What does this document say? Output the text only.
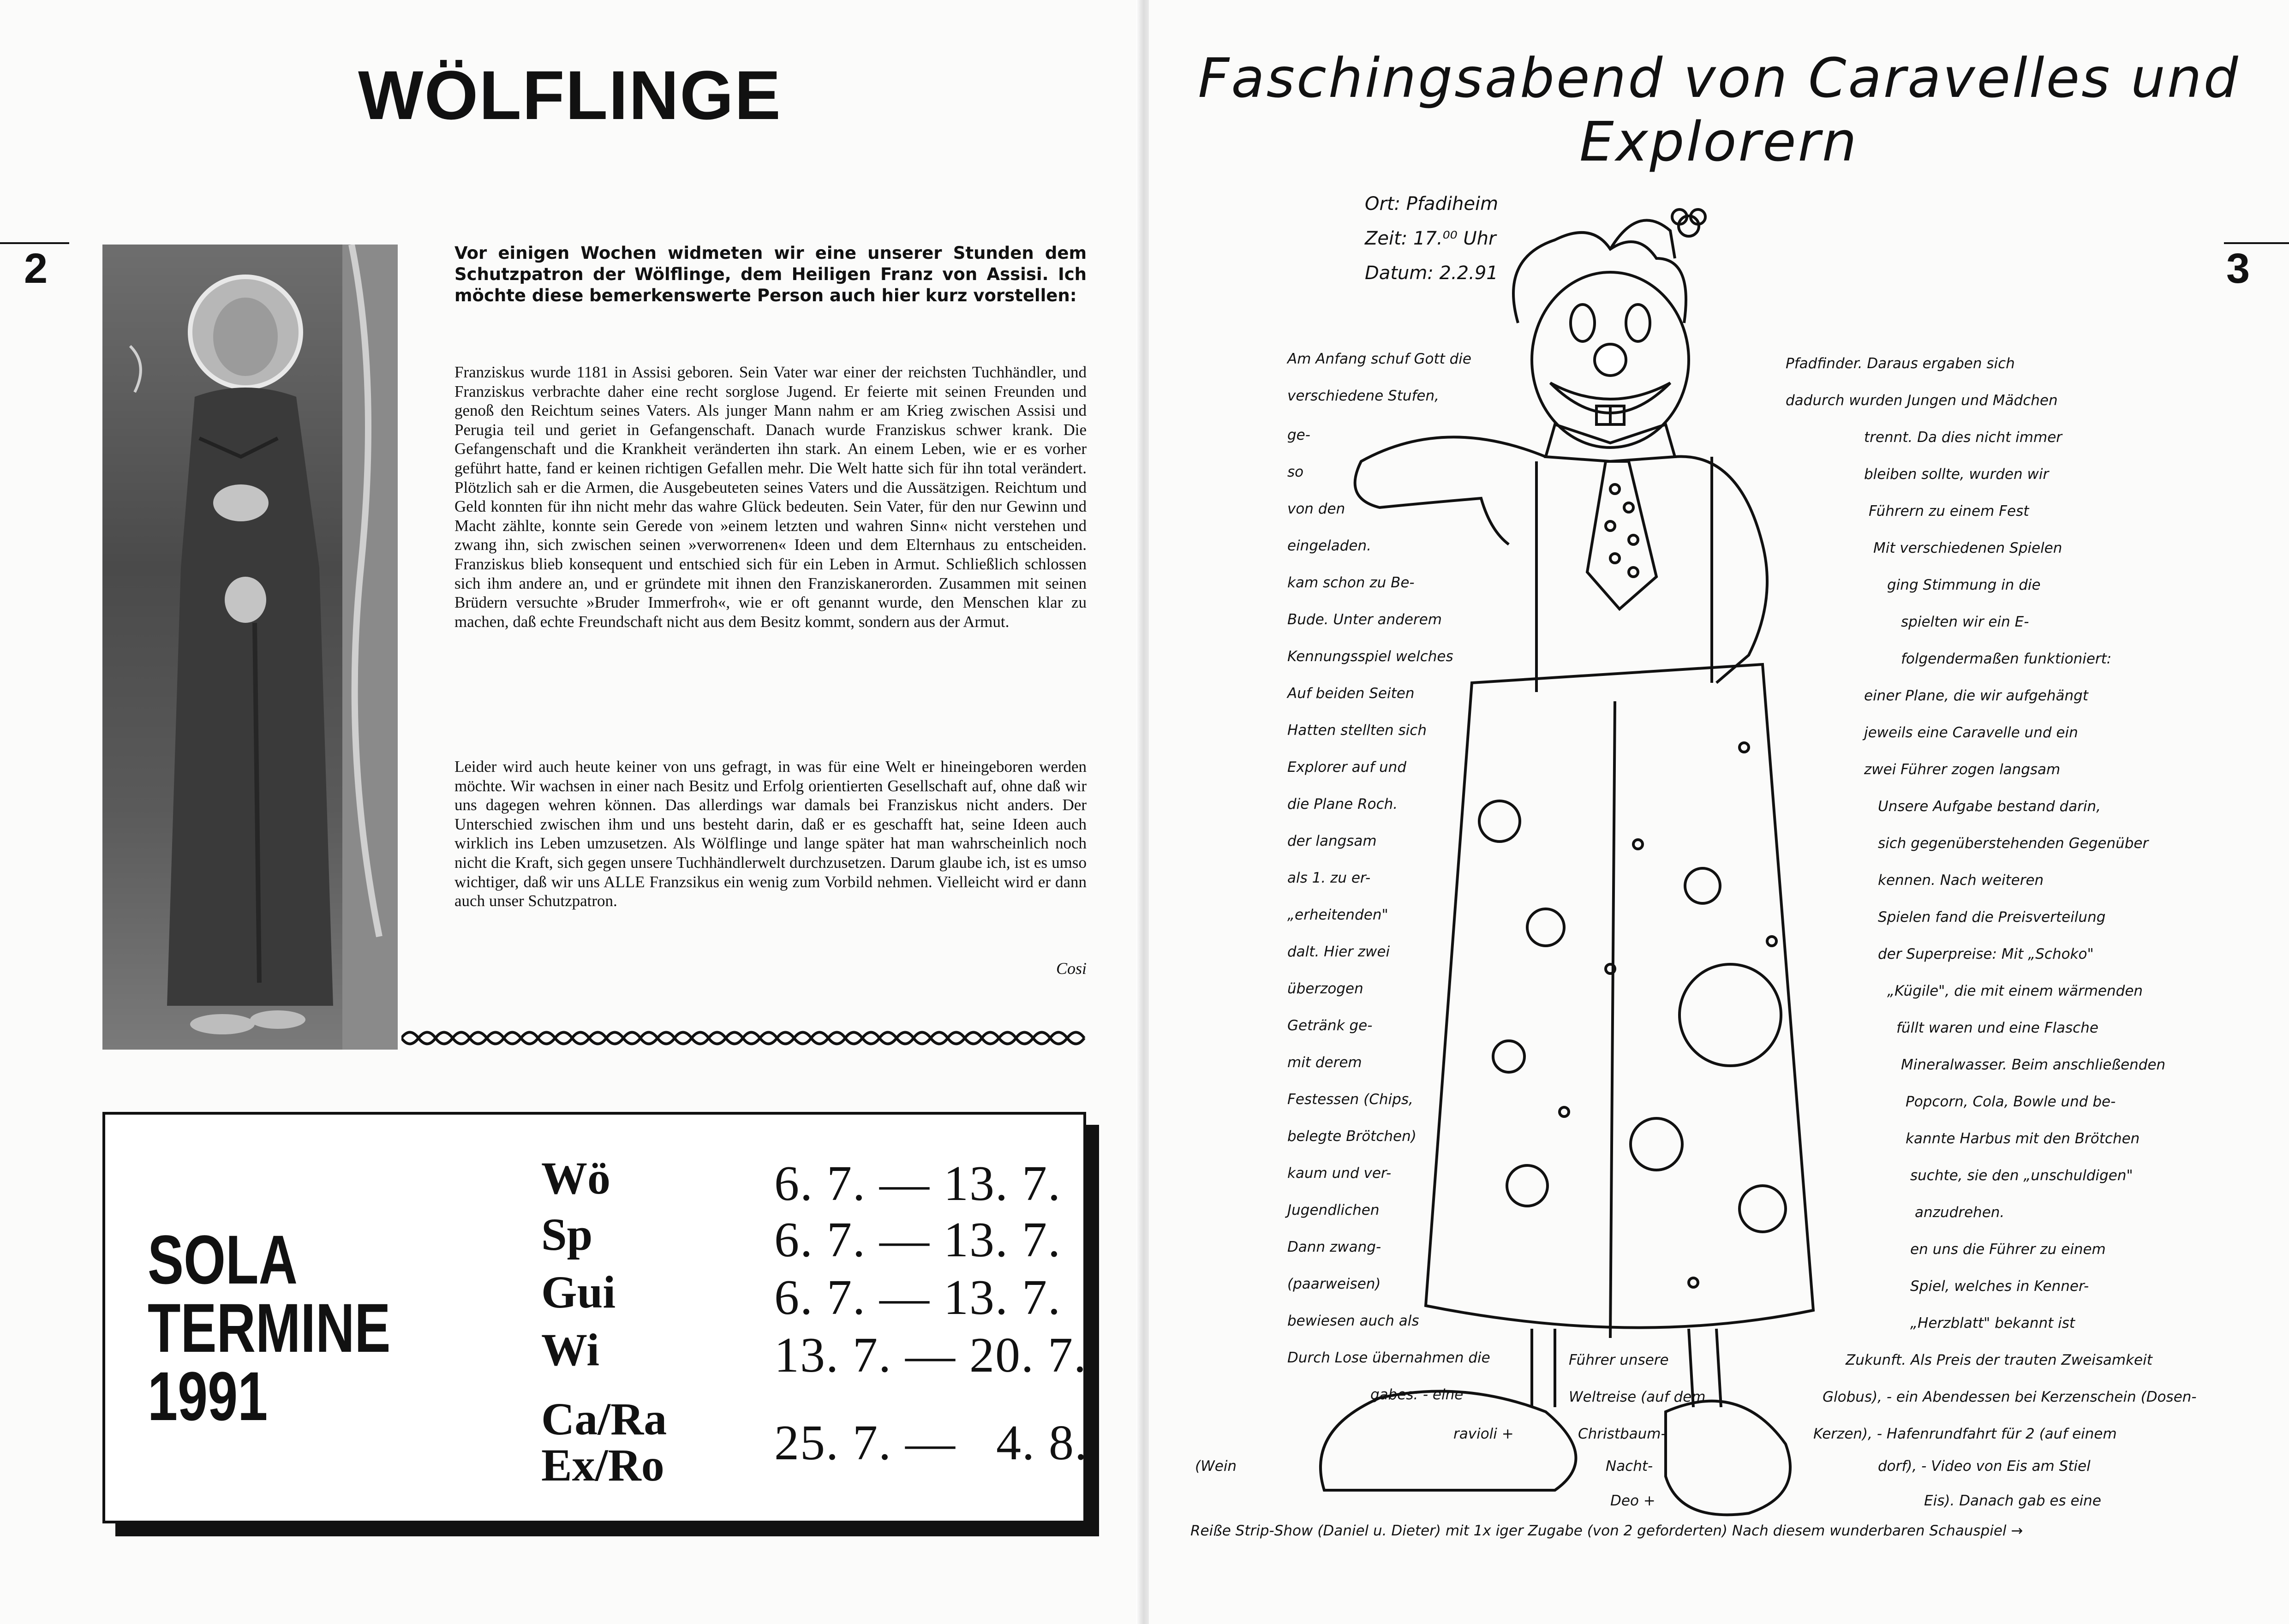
WÖLFLINGE
2	Vor einigen Wochen widmeten wir eine unserer Stunden dem Schutzpatron der Wölflinge, dem Heiligen Franz von Assisi. Ich möchte diese bemerkenswerte Person auch hier kurz vorstellen:
Franziskus wurde 1181 in Assisi geboren. Sein Vater war einer der reichsten Tuchhändler, und Franziskus verbrachte daher eine recht sorglose Jugend. Er feierte mit seinen Freunden und genoß den Reichtum seines Vaters. Als junger Mann nahm er am Krieg zwischen Assisi und Perugia teil und geriet in Gefangenschaft. Danach wurde Franziskus schwer krank. Die Gefangenschaft und die Krankheit veränderten ihn stark. An einem Leben, wie er es vorher geführt hatte, fand er keinen richtigen Gefallen mehr. Die Welt hatte sich für ihn total verändert. Plötzlich sah er die Armen, die Ausgebeuteten seines Vaters und die Aussätzigen. Reichtum und Geld konnten für ihn nicht mehr das wahre Glück bedeuten. Sein Vater, für den nur Gewinn und Macht zählte, konnte sein Gerede von »einem letzten und wahren Sinn« nicht verstehen und zwang ihn, sich zwischen seinen »verworrenen« Ideen und dem Elternhaus zu entscheiden. Franziskus blieb konsequent und entschied sich für ein Leben in Armut. Schließlich schlossen sich ihm andere an, und er gründete mit ihnen den Franziskanerorden. Zusammen mit seinen Brüdern versuchte »Bruder Immerfroh«, wie er oft genannt wurde, den Menschen klar zu machen, daß echte Freundschaft nicht aus dem Besitz kommt, sondern aus der Armut.
Leider wird auch heute keiner von uns gefragt, in was für eine Welt er hineingeboren werden möchte. Wir wachsen in einer nach Besitz und Erfolg orientierten Gesellschaft auf, ohne daß wir uns dagegen wehren können. Das allerdings war damals bei Franziskus nicht anders. Der Unterschied zwischen ihm und uns besteht darin, daß er es geschafft hat, seine Ideen auch wirklich ins Leben umzusetzen. Als Wölflinge und lange später hat man wahrscheinlich noch nicht die Kraft, sich gegen unsere Tuchhändlerwelt durchzusetzen. Darum glaube ich, ist es umso wichtiger, daß wir uns ALLE Franzsikus ein wenig zum Vorbild nehmen. Vielleicht wird er dann auch unser Schutzpatron.
Cosi
SOLA
TERMINE
1991
Wö	6. 7. — 13. 7.
Sp	6. 7. — 13. 7.
Gui	6. 7. — 13. 7.
Wi	13. 7. — 20. 7.
Ca/Ra
Ex/Ro 25. 7. —   4. 8.
Faschingsabend von Caravelles und Explorern
3
Ort: Pfadiheim
Zeit: 17.⁰⁰ Uhr
Datum: 2.2.91
Am Anfang schuf Gott die
verschiedene Stufen,
ge-
so
von den
eingeladen.
kam schon zu Be-
Bude. Unter anderem
Kennungsspiel welches
Auf beiden Seiten
Hatten stellten sich
Explorer auf und
die Plane Roch.
der langsam
als 1. zu er-
„erheitenden"
dalt. Hier zwei
überzogen
Getränk ge-
mit derem
Festessen (Chips,
belegte Brötchen)
kaum und ver-
Jugendlichen
Dann zwang-
(paarweisen)
bewiesen auch als
Durch Lose übernahmen die
gabes: - eine
(Wein
Reiße Strip-Show (Daniel u. Dieter) mit 1x iger Zugabe (von 2 geforderten) Nach diesem wunderbaren Schauspiel →
Pfadfinder. Daraus ergaben sich
dadurch wurden Jungen und Mädchen
trennt. Da dies nicht immer
bleiben sollte, wurden wir
Führern zu einem Fest
Mit verschiedenen Spielen
ging Stimmung in die
spielten wir ein E-
folgendermaßen funktioniert:
einer Plane, die wir aufgehängt
jeweils eine Caravelle und ein
zwei Führer zogen langsam
Unsere Aufgabe bestand darin,
sich gegenüberstehenden Gegenüber
kennen. Nach weiteren
Spielen fand die Preisverteilung
der Superpreise: Mit „Schoko"
„Kügile", die mit einem wärmenden
füllt waren und eine Flasche
Mineralwasser. Beim anschließenden
Popcorn, Cola, Bowle und be-
kannte Harbus mit den Brötchen
suchte, sie den „unschuldigen"
anzudrehen.
en uns die Führer zu einem
Spiel, welches in Kenner-
„Herzblatt" bekannt ist
Zukunft. Als Preis der trauten Zweisamkeit
Globus), - ein Abendessen bei Kerzenschein (Dosen-
Kerzen), - Hafenrundfahrt für 2 (auf einem
dorf), - Video von Eis am Stiel
Eis). Danach gab es eine
Führer unsere
Weltreise (auf dem
Christbaum-
Nacht-
Deo +
ravioli +
